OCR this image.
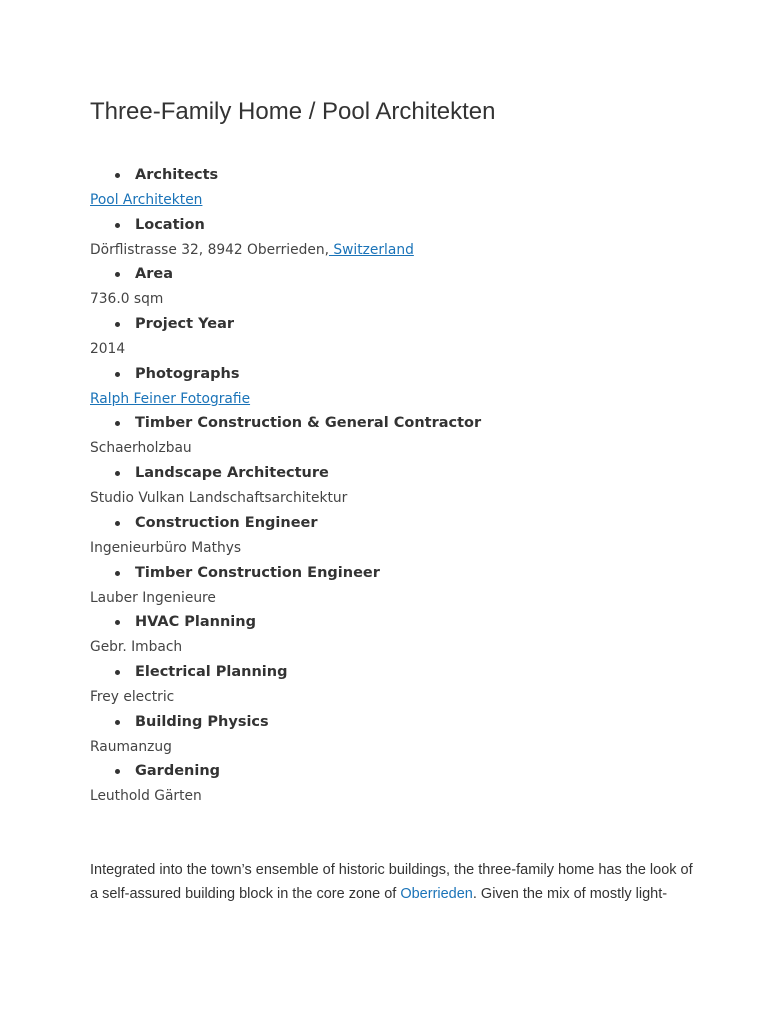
Three-Family Home / Pool Architekten
Architects
Pool Architekten
Location
Dörflistrasse 32, 8942 Oberrieden, Switzerland
Area
736.0 sqm
Project Year
2014
Photographs
Ralph Feiner Fotografie
Timber Construction & General Contractor
Schaerholzbau
Landscape Architecture
Studio Vulkan Landschaftsarchitektur
Construction Engineer
Ingenieurbüro Mathys
Timber Construction Engineer
Lauber Ingenieure
HVAC Planning
Gebr. Imbach
Electrical Planning
Frey electric
Building Physics
Raumanzug
Gardening
Leuthold Gärten

Integrated into the town’s ensemble of historic buildings, the three-family home has the look of a self-assured building block in the core zone of Oberrieden. Given the mix of mostly light-
